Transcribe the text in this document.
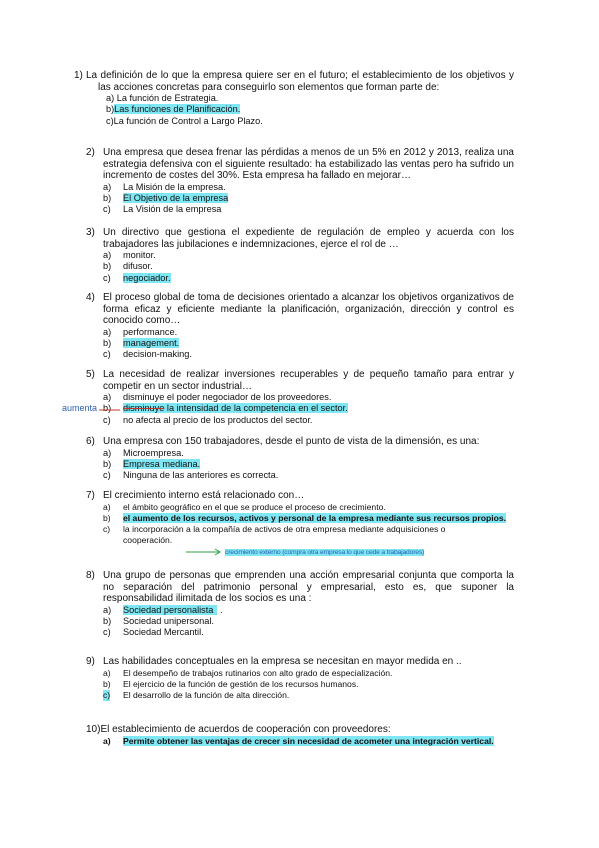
1) La definición de lo que la empresa quiere ser en el futuro; el establecimiento de los objetivos y las acciones concretas para conseguirlo son elementos que forman parte de:
a) La función de Estrategia.
b)Las funciones de Planificación.
c)La función de Control a Largo Plazo.
2) Una empresa que desea frenar las pérdidas a menos de un 5% en 2012 y 2013, realiza una estrategia defensiva con el siguiente resultado: ha estabilizado las ventas pero ha sufrido un incremento de costes del 30%. Esta empresa ha fallado en mejorar…
a) La Misión de la empresa.
b) El Objetivo de la empresa
c) La Visión de la empresa
3) Un directivo que gestiona el expediente de regulación de empleo y acuerda con los trabajadores las jubilaciones e indemnizaciones, ejerce el rol de …
a) monitor.
b) difusor.
c) negociador.
4) El proceso global de toma de decisiones orientado a alcanzar los objetivos organizativos de forma eficaz y eficiente mediante la planificación, organización, dirección y control es conocido como…
a) performance.
b) management.
c) decision-making.
5) La necesidad de realizar inversiones recuperables y de pequeño tamaño para entrar y competir en un sector industrial…
a) disminuye el poder negociador de los proveedores.
b) disminuye la intensidad de la competencia en el sector.
c) no afecta al precio de los productos del sector.
aumenta
6) Una empresa con 150 trabajadores, desde el punto de vista de la dimensión, es una:
a) Microempresa.
b) Empresa mediana.
c) Ninguna de las anteriores es correcta.
7) El crecimiento interno está relacionado con…
a) el ámbito geográfico en el que se produce el proceso de crecimiento.
b) el aumento de los recursos, activos y personal de la empresa mediante sus recursos propios.
c) la incorporación a la compañía de activos de otra empresa mediante adquisiciones o
cooperación.
crecimiento externo (compra otra empresa lo que cede a trabajadores)
8) Una grupo de personas que emprenden una acción empresarial conjunta que comporta la no separación del patrimonio personal y empresarial, esto es, que suponer la responsabilidad ilimitada de los socios es una :
a) Sociedad personalista .
b) Sociedad unipersonal.
c) Sociedad Mercantil.
9) Las habilidades conceptuales en la empresa se necesitan en mayor medida en ..
a) El desempeño de trabajos rutinarios con alto grado de especialización.
b) El ejercicio de la función de gestión de los recursos humanos.
c) El desarrollo de la función de alta dirección.
10)El establecimiento de acuerdos de cooperación con proveedores:
a) Permite obtener las ventajas de crecer sin necesidad de acometer una integración vertical.
